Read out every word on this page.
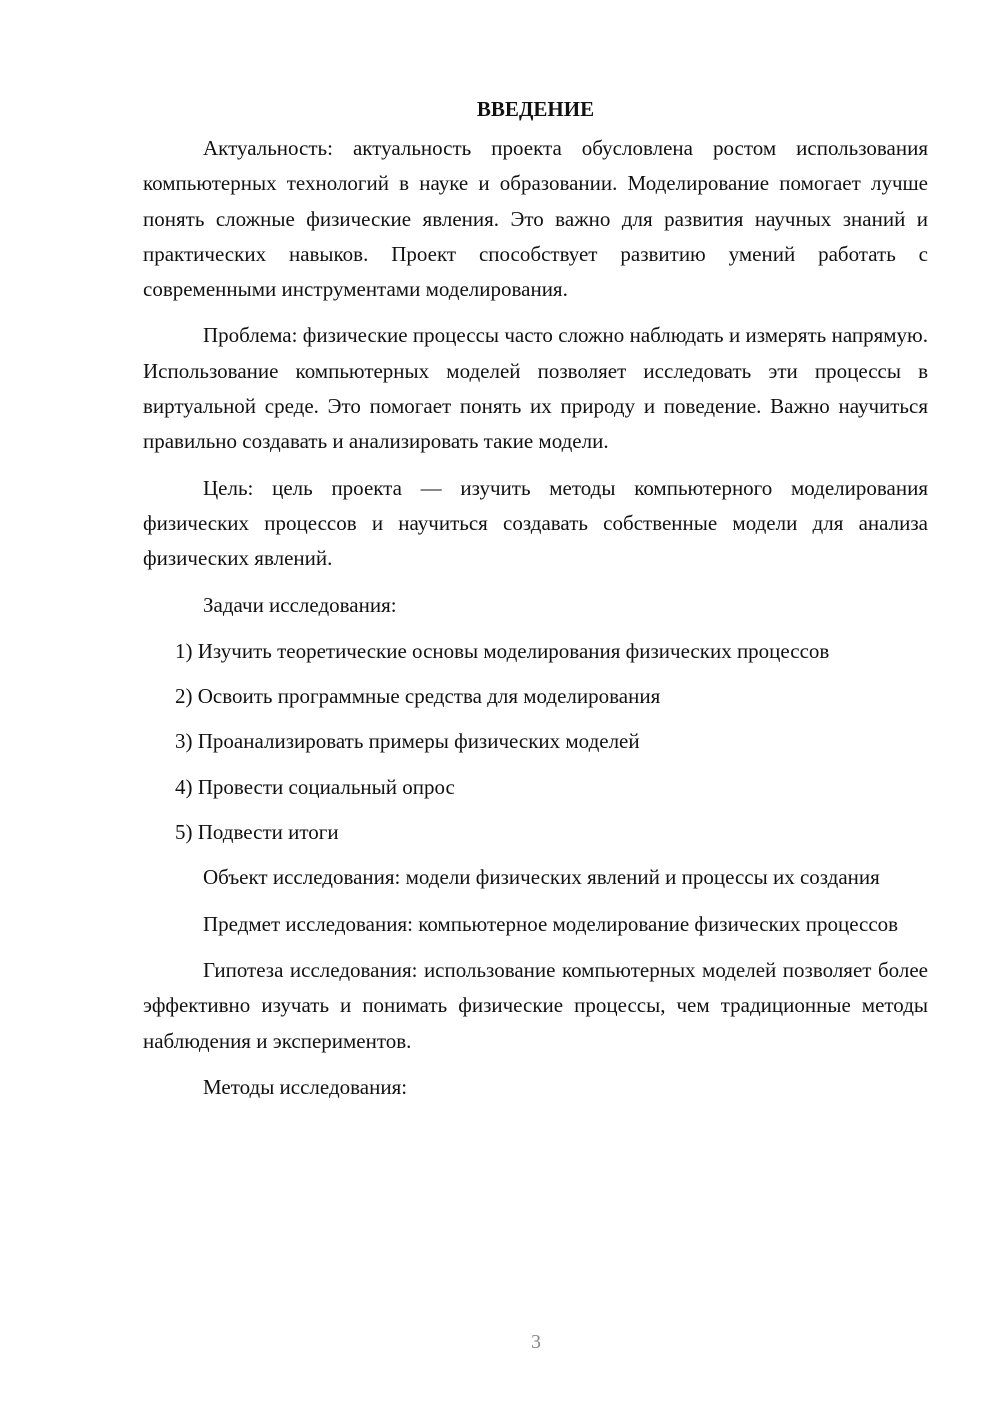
ВВЕДЕНИЕ

Актуальность: актуальность проекта обусловлена ростом использования компьютерных технологий в науке и образовании. Моделирование помогает лучше понять сложные физические явления. Это важно для развития научных знаний и практических навыков. Проект способствует развитию умений работать с современными инструментами моделирования.

Проблема: физические процессы часто сложно наблюдать и измерять напрямую. Использование компьютерных моделей позволяет исследовать эти процессы в виртуальной среде. Это помогает понять их природу и поведение. Важно научиться правильно создавать и анализировать такие модели.

Цель: цель проекта — изучить методы компьютерного моделирования физических процессов и научиться создавать собственные модели для анализа физических явлений.

Задачи исследования:

1) Изучить теоретические основы моделирования физических процессов

2) Освоить программные средства для моделирования

3) Проанализировать примеры физических моделей

4) Провести социальный опрос

5) Подвести итоги

Объект исследования: модели физических явлений и процессы их создания

Предмет исследования: компьютерное моделирование физических процессов

Гипотеза исследования: использование компьютерных моделей позволяет более эффективно изучать и понимать физические процессы, чем традиционные методы наблюдения и экспериментов.

Методы исследования:

3
